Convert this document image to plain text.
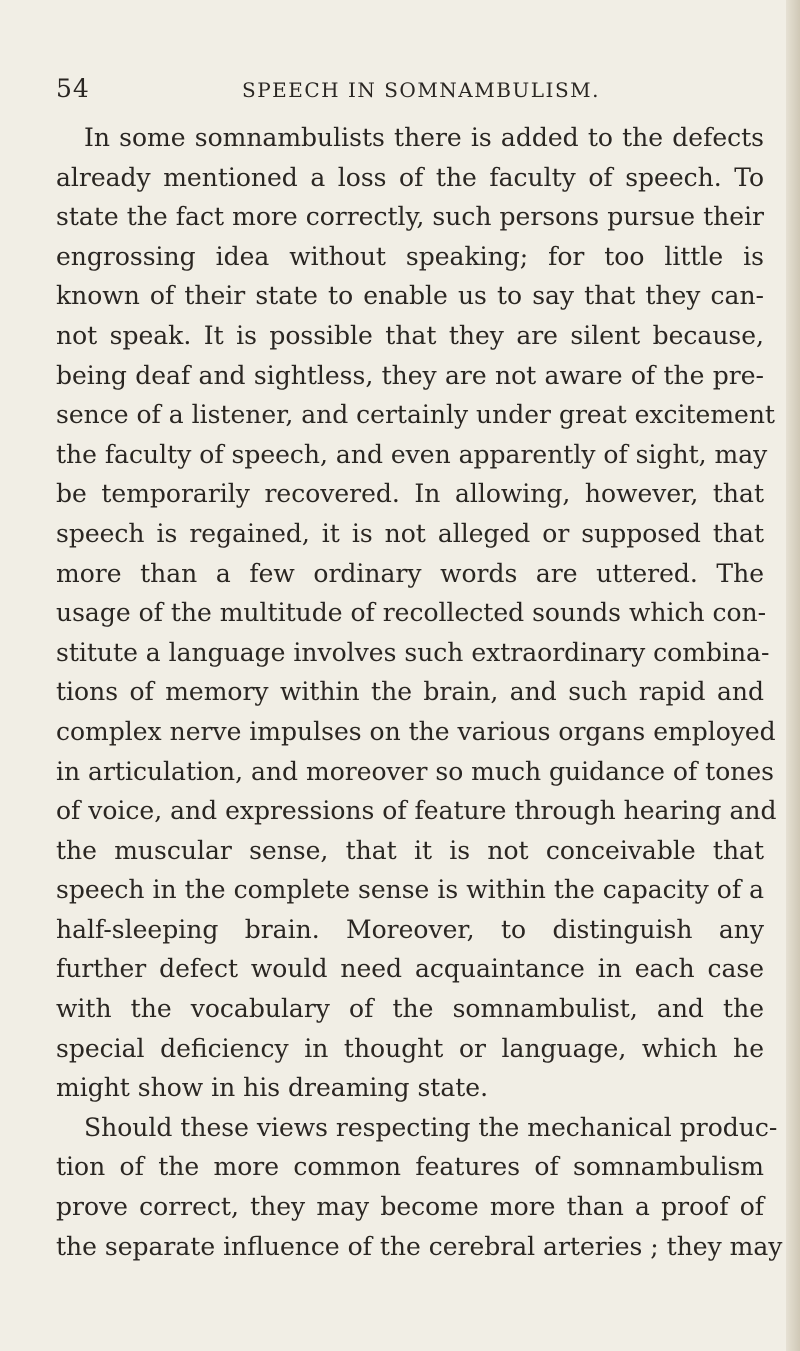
54	SPEECH IN SOMNAMBULISM.
In some somnambulists there is added to the defects
already mentioned a loss of the faculty of speech. To
state the fact more correctly, such persons pursue their
engrossing idea without speaking; for too little is
known of their state to enable us to say that they can-
not speak. It is possible that they are silent because,
being deaf and sightless, they are not aware of the pre-
sence of a listener, and certainly under great excitement
the faculty of speech, and even apparently of sight, may
be temporarily recovered. In allowing, however, that
speech is regained, it is not alleged or supposed that
more than a few ordinary words are uttered. The
usage of the multitude of recollected sounds which con-
stitute a language involves such extraordinary combina-
tions of memory within the brain, and such rapid and
complex nerve impulses on the various organs employed
in articulation, and moreover so much guidance of tones
of voice, and expressions of feature through hearing and
the muscular sense, that it is not conceivable that
speech in the complete sense is within the capacity of a
half-sleeping brain. Moreover, to distinguish any
further defect would need acquaintance in each case
with the vocabulary of the somnambulist, and the
special deficiency in thought or language, which he
might show in his dreaming state.
Should these views respecting the mechanical produc-
tion of the more common features of somnambulism
prove correct, they may become more than a proof of
the separate influence of the cerebral arteries ; they may
